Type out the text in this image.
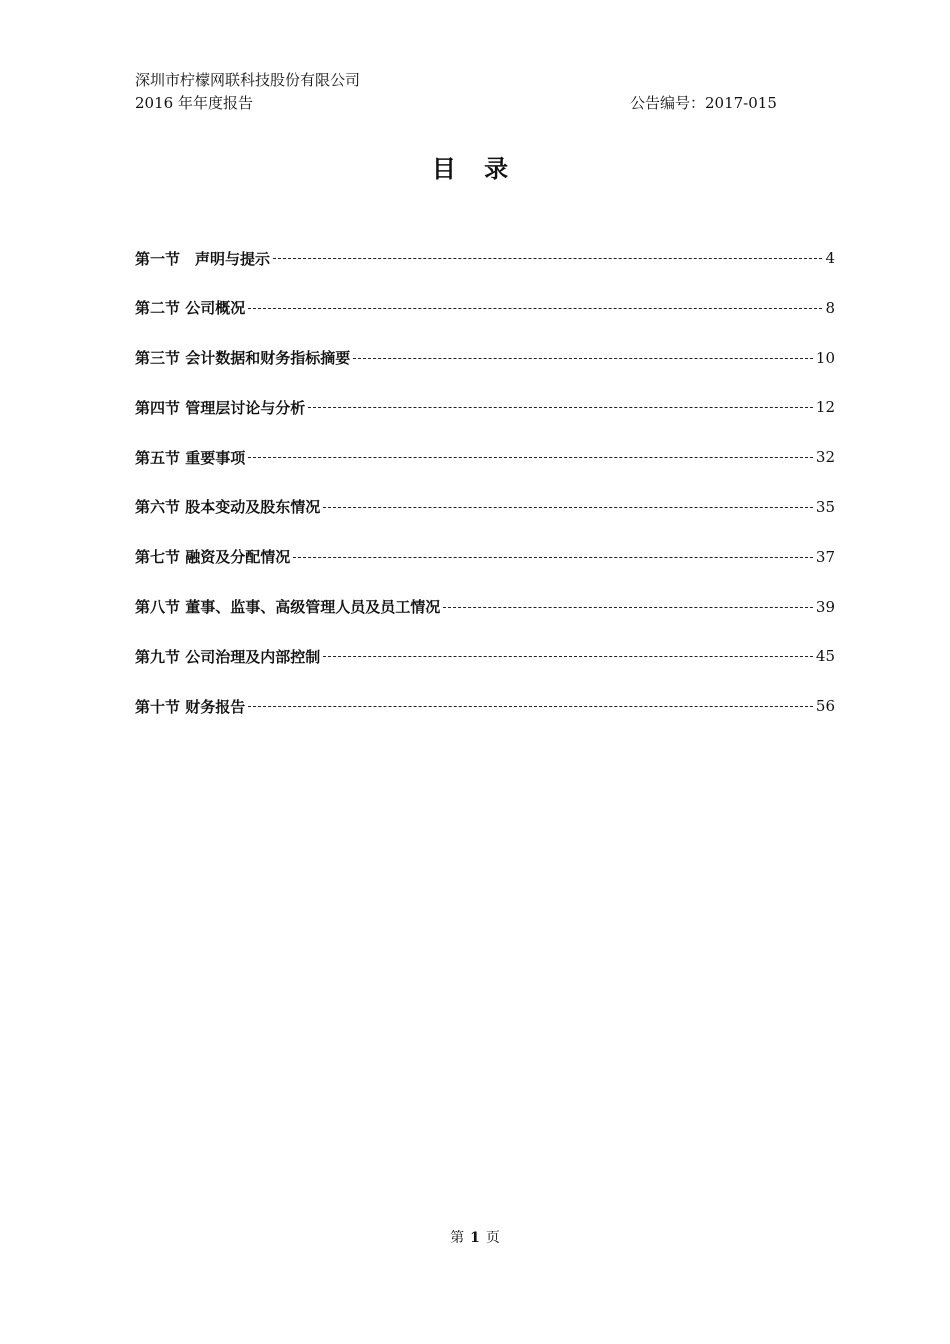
深圳市柠檬网联科技股份有限公司
2016 年年度报告	公告编号：2017-015
目 录
第一节　声明与提示	4
第二节 公司概况	8
第三节 会计数据和财务指标摘要	10
第四节 管理层讨论与分析	12
第五节 重要事项	32
第六节 股本变动及股东情况	35
第七节 融资及分配情况	37
第八节 董事、监事、高级管理人员及员工情况	39
第九节 公司治理及内部控制	45
第十节 财务报告	56
第 1 页
